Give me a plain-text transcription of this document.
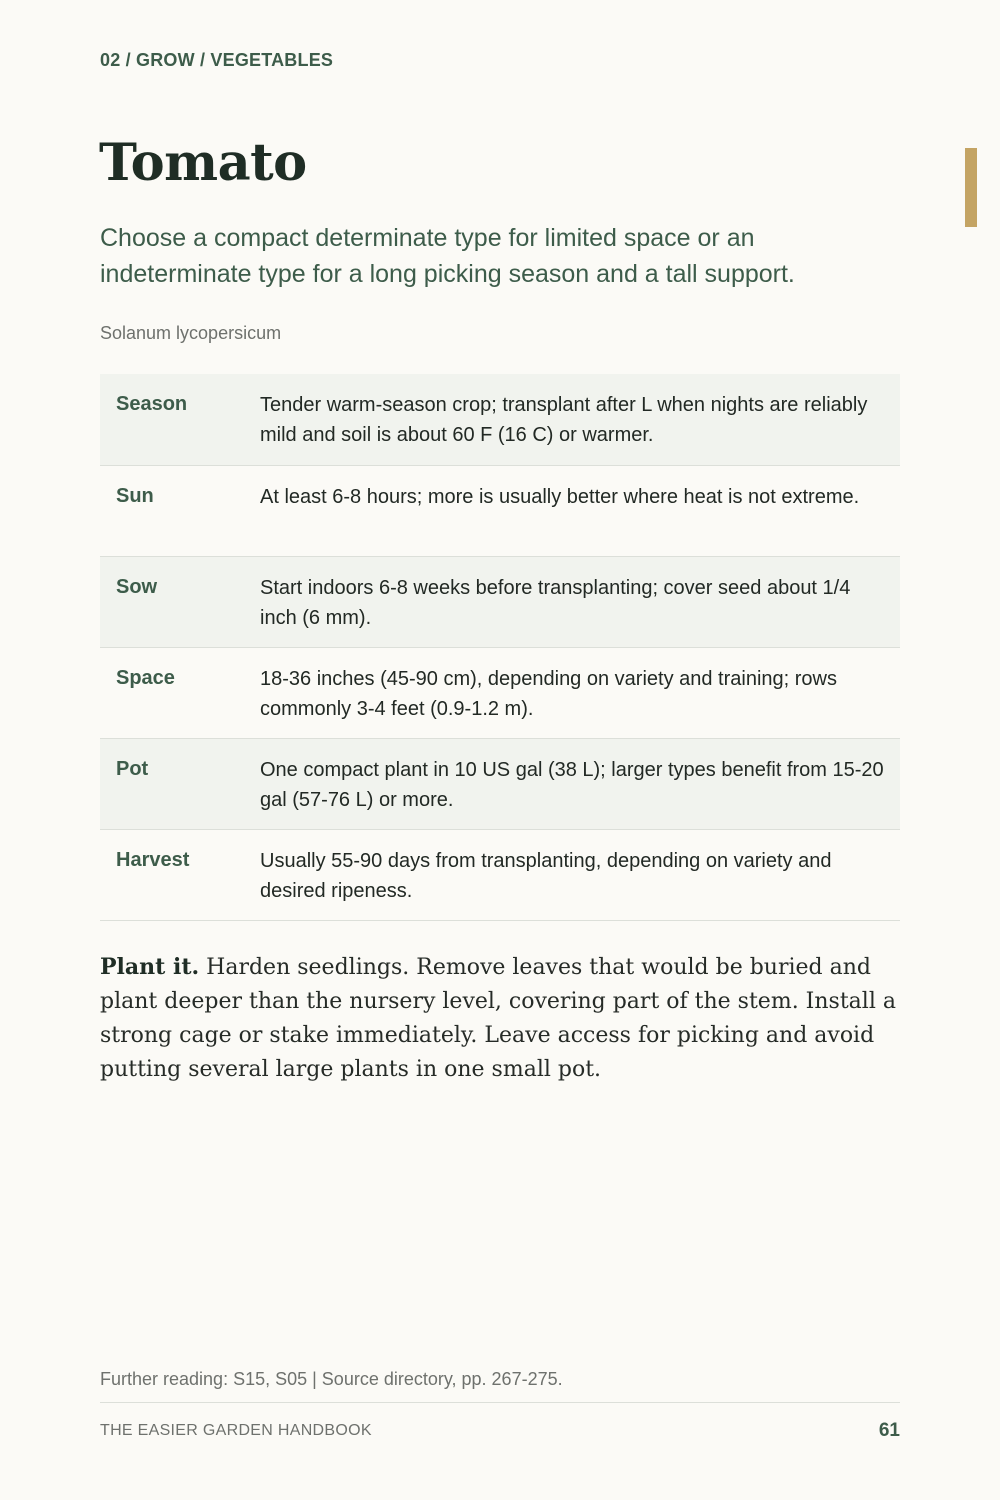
02 / GROW / VEGETABLES
Tomato

Choose a compact determinate type for limited space or an indeterminate type for a long picking season and a tall support.

Solanum lycopersicum
Season	Tender warm-season crop; transplant after L when nights are reliably mild and soil is about 60 F (16 C) or warmer.
Sun	At least 6-8 hours; more is usually better where heat is not extreme.
Sow	Start indoors 6-8 weeks before transplanting; cover seed about 1/4 inch (6 mm).
Space	18-36 inches (45-90 cm), depending on variety and training; rows commonly 3-4 feet (0.9-1.2 m).
Pot	One compact plant in 10 US gal (38 L); larger types benefit from 15-20 gal (57-76 L) or more.
Harvest	Usually 55-90 days from transplanting, depending on variety and desired ripeness.

Plant it. Harden seedlings. Remove leaves that would be buried and plant deeper than the nursery level, covering part of the stem. Install a strong cage or stake immediately. Leave access for picking and avoid putting several large plants in one small pot.

Further reading: S15, S05 | Source directory, pp. 267-275.
THE EASIER GARDEN HANDBOOK	61
